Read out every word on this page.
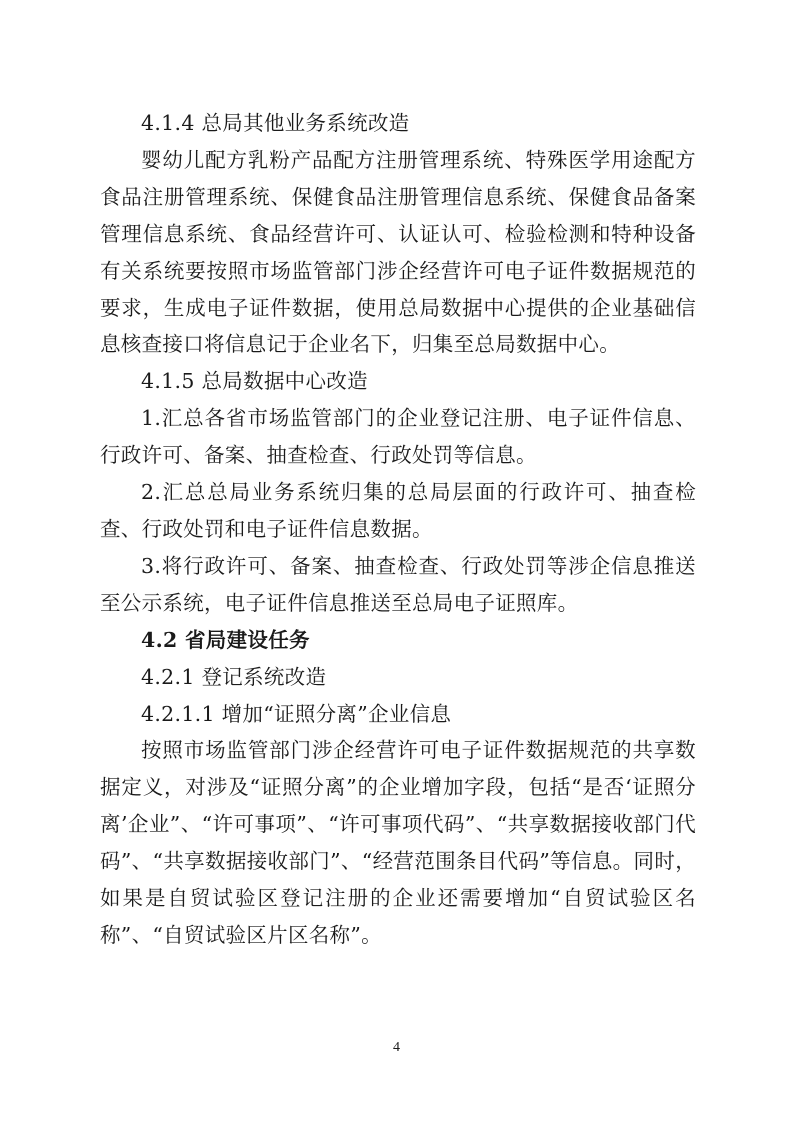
4.1.4 总局其他业务系统改造

婴幼儿配方乳粉产品配方注册管理系统、特殊医学用途配方食品注册管理系统、保健食品注册管理信息系统、保健食品备案管理信息系统、食品经营许可、认证认可、检验检测和特种设备有关系统要按照市场监管部门涉企经营许可电子证件数据规范的要求，生成电子证件数据，使用总局数据中心提供的企业基础信息核查接口将信息记于企业名下，归集至总局数据中心。

4.1.5 总局数据中心改造

1.汇总各省市场监管部门的企业登记注册、电子证件信息、行政许可、备案、抽查检查、行政处罚等信息。

2.汇总总局业务系统归集的总局层面的行政许可、抽查检查、行政处罚和电子证件信息数据。

3.将行政许可、备案、抽查检查、行政处罚等涉企信息推送至公示系统，电子证件信息推送至总局电子证照库。

4.2 省局建设任务

4.2.1 登记系统改造

4.2.1.1 增加“证照分离”企业信息

按照市场监管部门涉企经营许可电子证件数据规范的共享数据定义，对涉及“证照分离”的企业增加字段，包括“是否‘证照分离’企业”、“许可事项”、“许可事项代码”、“共享数据接收部门代码”、“共享数据接收部门”、“经营范围条目代码”等信息。同时，如果是自贸试验区登记注册的企业还需要增加“自贸试验区名称”、“自贸试验区片区名称”。

4
